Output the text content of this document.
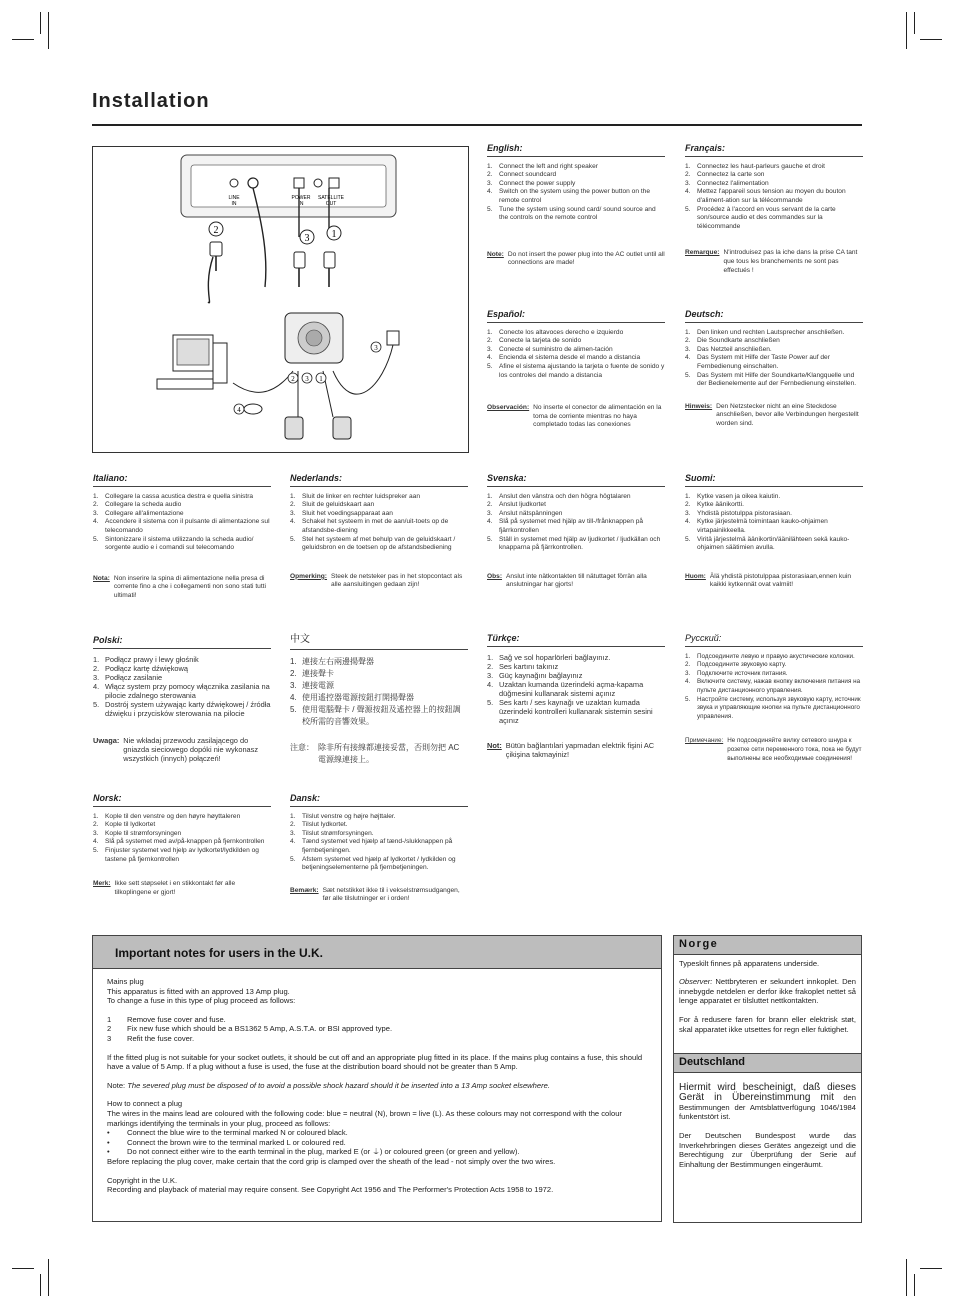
Installation
LINE
IN
POWER
IN
SATELLITE
OUT
2
3 1
3
2 3 1
4
English:
1. Connect the left and right speaker
2. Connect soundcard
3. Connect the power supply
4. Switch on the system using the power button on the remote control
5. Tune the system using sound card/ sound source and the controls on the remote control
Note: Do not insert the power plug into the AC outlet until all connections are made!
Français:
1. Connectez les haut-parleurs gauche et droit
2. Connectez la carte son
3. Connectez l'alimentation
4. Mettez l'appareil sous tension au moyen du bouton d'aliment-ation sur la télécommande
5. Procédez à l'accord en vous servant de la carte son/source audio et des commandes sur la télécommande
Remarque: N'introduisez pas la iche dans la prise CA tant que tous les branchements ne sont pas effectués !
Español:
1. Conecte los altavoces derecho e izquierdo
2. Conecte la tarjeta de sonido
3. Conecte el suministro de alimen-tación
4. Encienda el sistema desde el mando a distancia
5. Afine el sistema ajustando la tarjeta o fuente de sonido y los controles del mando a distancia
Observación: No inserte el conector de alimentación en la toma de corriente mientras no haya completado todas las conexiones
Deutsch:
1. Den linken und rechten Lautsprecher anschließen.
2. Die Soundkarte anschließen
3. Das Netzteil anschließen.
4. Das System mit Hilfe der Taste Power auf der Fernbedienung einschalten.
5. Das System mit Hilfe der Soundkarte/Klangquelle und der Bedienelemente auf der Fernbedienung einstellen.
Hinweis: Den Netzstecker nicht an eine Steckdose anschließen, bevor alle Verbindungen hergestellt worden sind.
Italiano:
1. Collegare la cassa acustica destra e quella sinistra
2. Collegare la scheda audio
3. Collegare all'alimentazione
4. Accendere il sistema con il pulsante di alimentazione sul telecomando
5. Sintonizzare il sistema utilizzando la scheda audio/ sorgente audio e i comandi sul telecomando
Nota: Non inserire la spina di alimentazione nella presa di corrente fino a che i collegamenti non sono stati tutti ultimati!
Nederlands:
1. Sluit de linker en rechter luidspreker aan
2. Sluit de geluidskaart aan
3. Sluit het voedingsapparaat aan
4. Schakel het systeem in met de aan/uit-toets op de afstandsbe-diening
5. Stel het systeem af met behulp van de geluidskaart / geluidsbron en de toetsen op de afstandsbediening
Opmerking: Steek de netsteker pas in het stopcontact als alle aansluitingen gedaan zijn!
Svenska:
1. Anslut den vänstra och den högra högtalaren
2. Anslut ljudkortet
3. Anslut nätspänningen
4. Slå på systemet med hjälp av till-/frånknappen på fjärrkontrollen
5. Ställ in systemet med hjälp av ljudkortet / ljudkällan och knapparna på fjärrkontrollen.
Obs: Anslut inte nätkontakten till nätuttaget förrän alla anslutningar har gjorts!
Suomi:
1. Kytke vasen ja oikea kaiutin.
2. Kytke äänikortti.
3. Yhdistä pistotulppa pistorasiaan.
4. Kytke järjestelmä toimintaan kauko-ohjaimen virtapainikkeella.
5. Viritä järjestelmä äänikortin/äänilähteen sekä kauko-ohjaimen säätimien avulla.
Huom: Älä yhdistä pistotulppaa pistorasiaan,ennen kuin kaikki kytkennät ovat valmiit!
Polski:
1. Podłącz prawy i lewy głośnik
2. Podłącz kartę dźwiękową
3. Podłącz zasilanie
4. Włącz system przy pomocy włącznika zasilania na pilocie zdalnego sterowania
5. Dostrój system używając karty dźwiękowej / źródła dźwięku i przycisków sterowania na pilocie
Uwaga: Nie wkładaj przewodu zasilającego do gniazda sieciowego dopóki nie wykonasz wszystkich (innych) połączeń!
中文
1. 連接左右兩邊揚聲器
2. 連接聲卡
3. 連接電源
4. 使用遙控器電源按鈕打開揚聲器
5. 使用電腦聲卡 / 聲源按鈕及遙控器上的按鈕調校所需的音響效果。
注意： 除非所有接線都連接妥當，否則勿把 AC 電源線連接上。
Türkçe:
1. Sağ ve sol hoparlörleri bağlayınız.
2. Ses kartını takınız
3. Güç kaynağını bağlayınız
4. Uzaktan kumanda üzerindeki açma-kapama düğmesini kullanarak sistemi açınız
5. Ses kartı / ses kaynağı ve uzaktan kumada üzerindeki kontrolleri kullanarak sistemin sesini açınız
Not: Bütün bağlantılari yapmadan elektrik fişini AC çikişina takmayiniz!
Русский:
1.	Подсоедините левую и правую акустические колонки.
2.	Подсоедините звуковую карту.
3.	Подключите источник питания.
4.	Включите систему, нажав кнопку включения питания на пульте дистанционного управления.
5.	Настройте систему, используя звуковую карту, источник звука и управляющие кнопки на пульте дистанционного управления.
Примечание: Не подсоединяйте вилку сетевого шнура к розетке сети переменного тока, пока не будут выполнены все необходимые соединения!
Norsk:
1. Kople til den venstre og den høyre høyttaleren
2. Kople til lydkortet
3. Kople til strømforsyningen
4. Slå på systemet med av/på-knappen på fjernkontrollen
5. Finjuster systemet ved hjelp av lydkortet/lydkilden og tastene på fjernkontrollen
Merk: Ikke sett støpselet i en stikkontakt før alle tilkoplingene er gjort!
Dansk:
1. Tilslut venstre og højre højttaler.
2. Tilslut lydkortet.
3. Tilslut strømforsyningen.
4. Tænd systemet ved hjælp af tænd-/slukknappen på fjernbetjeningen.
5. Afstem systemet ved hjælp af lydkortet / lydkilden og betjeningselementerne på fjernbetjeningen.
Bemærk: Sæt netstikket ikke til i vekselstrømsudgangen, før alle tilslutninger er i orden!
Important notes for users in the U.K.

Mains plug

This apparatus is fitted with an approved 13 Amp plug.

To change a fuse in this type of plug proceed as follows:

1	Remove fuse cover and fuse.
2	Fix new fuse which should be a BS1362 5 Amp, A.S.T.A. or BSI approved type.
3	Refit the fuse cover.

If the fitted plug is not suitable for your socket outlets, it should be cut off and an appropriate plug fitted in its place. If the mains plug contains a fuse, this should have a value of 5 Amp. If a plug without a fuse is used, the fuse at the distribution board should not be greater than 5 Amp.

Note: The severed plug must be disposed of to avoid a possible shock hazard should it be inserted into a 13 Amp socket elsewhere.

How to connect a plug

The wires in the mains lead are coloured with the following code: blue = neutral (N), brown = live (L). As these colours may not correspond with the colour markings identifying the terminals in your plug, proceed as follows:

•	Connect the blue wire to the terminal marked N or coloured black.
•	Connect the brown wire to the terminal marked L or coloured red.
•	Do not connect either wire to the earth terminal in the plug, marked E (or ⏚) or coloured green (or green and yellow).

Before replacing the plug cover, make certain that the cord grip is clamped over the sheath of the lead - not simply over the two wires.

Copyright in the U.K.

Recording and playback of material may require consent. See Copyright Act 1956 and The Performer's Protection Acts 1958 to 1972.

Norge

Typeskilt finnes på apparatens underside.

Observer: Nettbryteren er sekundert innkoplet. Den innebygde netdelen er derfor ikke frakoplet nettet så lenge apparatet er tilsluttet nettkontakten.

For å redusere faren for brann eller elektrisk støt, skal apparatet ikke utsettes for regn eller fuktighet.

Deutschland

Hiermit wird bescheinigt, daß dieses Gerät in Übereinstimmung mit den Bestimmungen der Amtsblattverfügung 1046/1984 funkentstört ist.

Der Deutschen Bundespost wurde das Inverkehrbringen dieses Gerätes angezeigt und die Berechtigung zur Überprüfung der Serie auf Einhaltung der Bestimmungen eingeräumt.
